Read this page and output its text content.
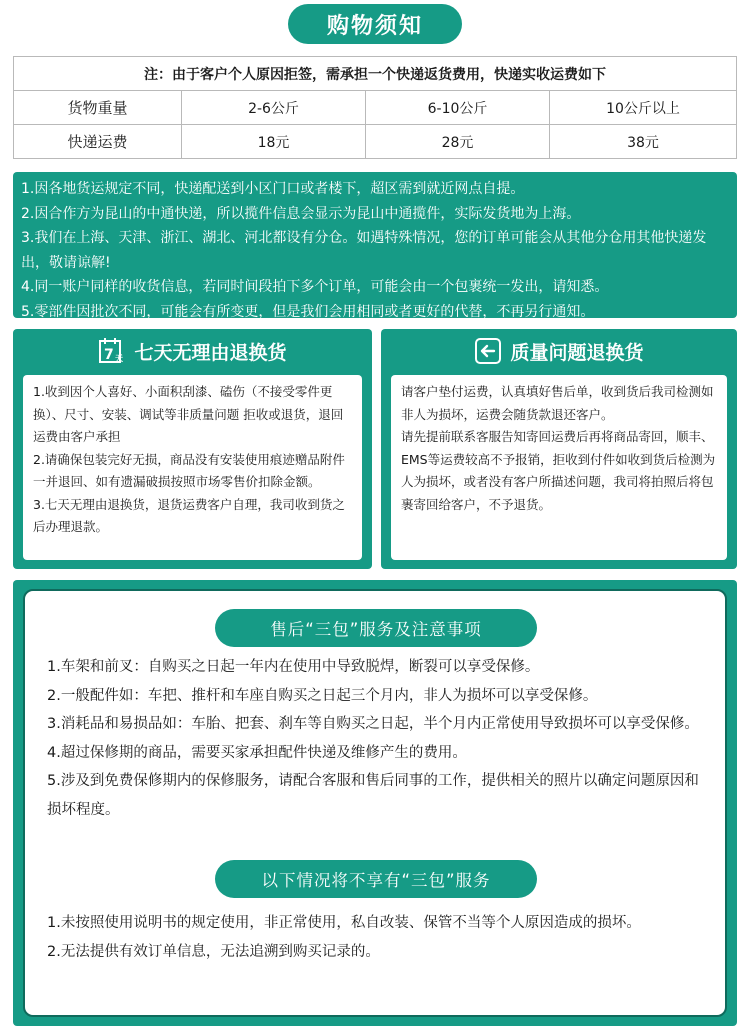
购物须知
注：由于客户个人原因拒签，需承担一个快递返货费用，快递实收运费如下			
货物重量	2-6公斤	6-10公斤	10公斤以上
快递运费	18元	28元	38元
1.因各地货运规定不同，快递配送到小区门口或者楼下，超区需到就近网点自提。
2.因合作方为昆山的中通快递，所以揽件信息会显示为昆山中通揽件，实际发货地为上海。
3.我们在上海、天津、浙江、湖北、河北都设有分仓。如遇特殊情况，您的订单可能会从其他分仓用其他快递发出，敬请谅解!
4.同一账户同样的收货信息，若同时间段拍下多个订单，可能会由一个包裹统一发出，请知悉。
5.零部件因批次不同，可能会有所变更，但是我们会用相同或者更好的代替，不再另行通知。
7 天 七天无理由退换货
1.收到因个人喜好、小面积刮漆、磕伤（不接受零件更换）、尺寸、安装、调试等非质量问题 拒收或退货，退回运费由客户承担
2.请确保包装完好无损，商品没有安装使用痕迹赠品附件一并退回、如有遗漏破损按照市场零售价扣除金额。
3.七天无理由退换货，退货运费客户自理，我司收到货之后办理退款。
质量问题退换货
请客户垫付运费，认真填好售后单，收到货后我司检测如非人为损坏，运费会随货款退还客户。
请先提前联系客服告知寄回运费后再将商品寄回，顺丰、EMS等运费较高不予报销，拒收到付件如收到货后检测为人为损坏，或者没有客户所描述问题，我司将拍照后将包裹寄回给客户，不予退货。
售后“三包”服务及注意事项
1.车架和前叉：自购买之日起一年内在使用中导致脱焊，断裂可以享受保修。
2.一般配件如：车把、推杆和车座自购买之日起三个月内，非人为损坏可以享受保修。
3.消耗品和易损品如：车胎、把套、刹车等自购买之日起，半个月内正常使用导致损坏可以享受保修。
4.超过保修期的商品，需要买家承担配件快递及维修产生的费用。
5.涉及到免费保修期内的保修服务，请配合客服和售后同事的工作，提供相关的照片以确定问题原因和损坏程度。
以下情况将不享有“三包”服务
1.未按照使用说明书的规定使用，非正常使用，私自改装、保管不当等个人原因造成的损坏。
2.无法提供有效订单信息，无法追溯到购买记录的。
